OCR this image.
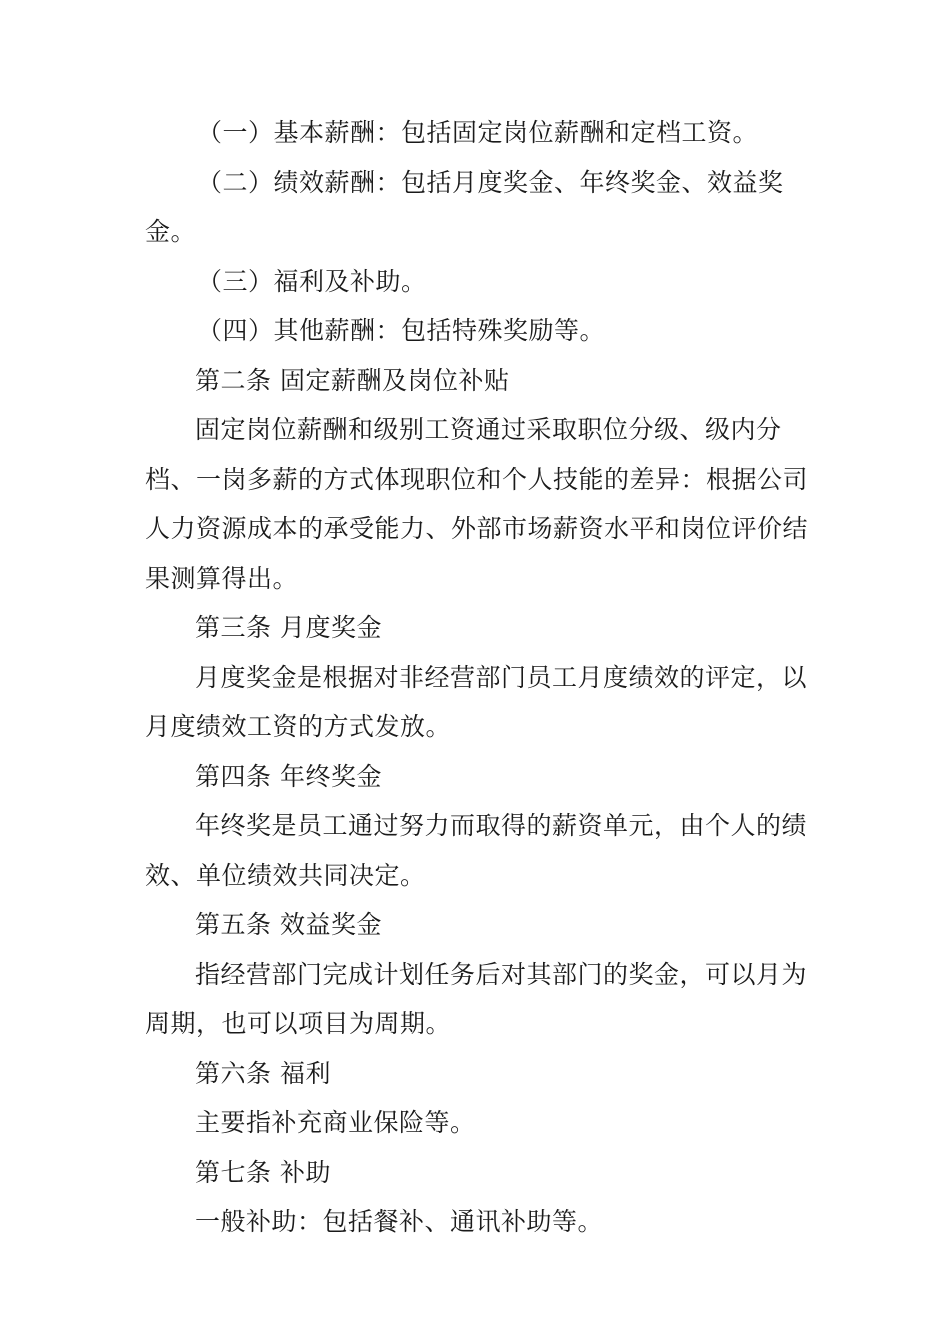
（一）基本薪酬：包括固定岗位薪酬和定档工资。

（二）绩效薪酬：包括月度奖金、年终奖金、效益奖金。

（三）福利及补助。

（四）其他薪酬：包括特殊奖励等。

第二条 固定薪酬及岗位补贴

固定岗位薪酬和级别工资通过采取职位分级、级内分档、一岗多薪的方式体现职位和个人技能的差异：根据公司人力资源成本的承受能力、外部市场薪资水平和岗位评价结果测算得出。

第三条 月度奖金

月度奖金是根据对非经营部门员工月度绩效的评定，以月度绩效工资的方式发放。

第四条 年终奖金

年终奖是员工通过努力而取得的薪资单元，由个人的绩效、单位绩效共同决定。

第五条 效益奖金

指经营部门完成计划任务后对其部门的奖金，可以月为周期，也可以项目为周期。

第六条 福利

主要指补充商业保险等。

第七条 补助

一般补助：包括餐补、通讯补助等。
